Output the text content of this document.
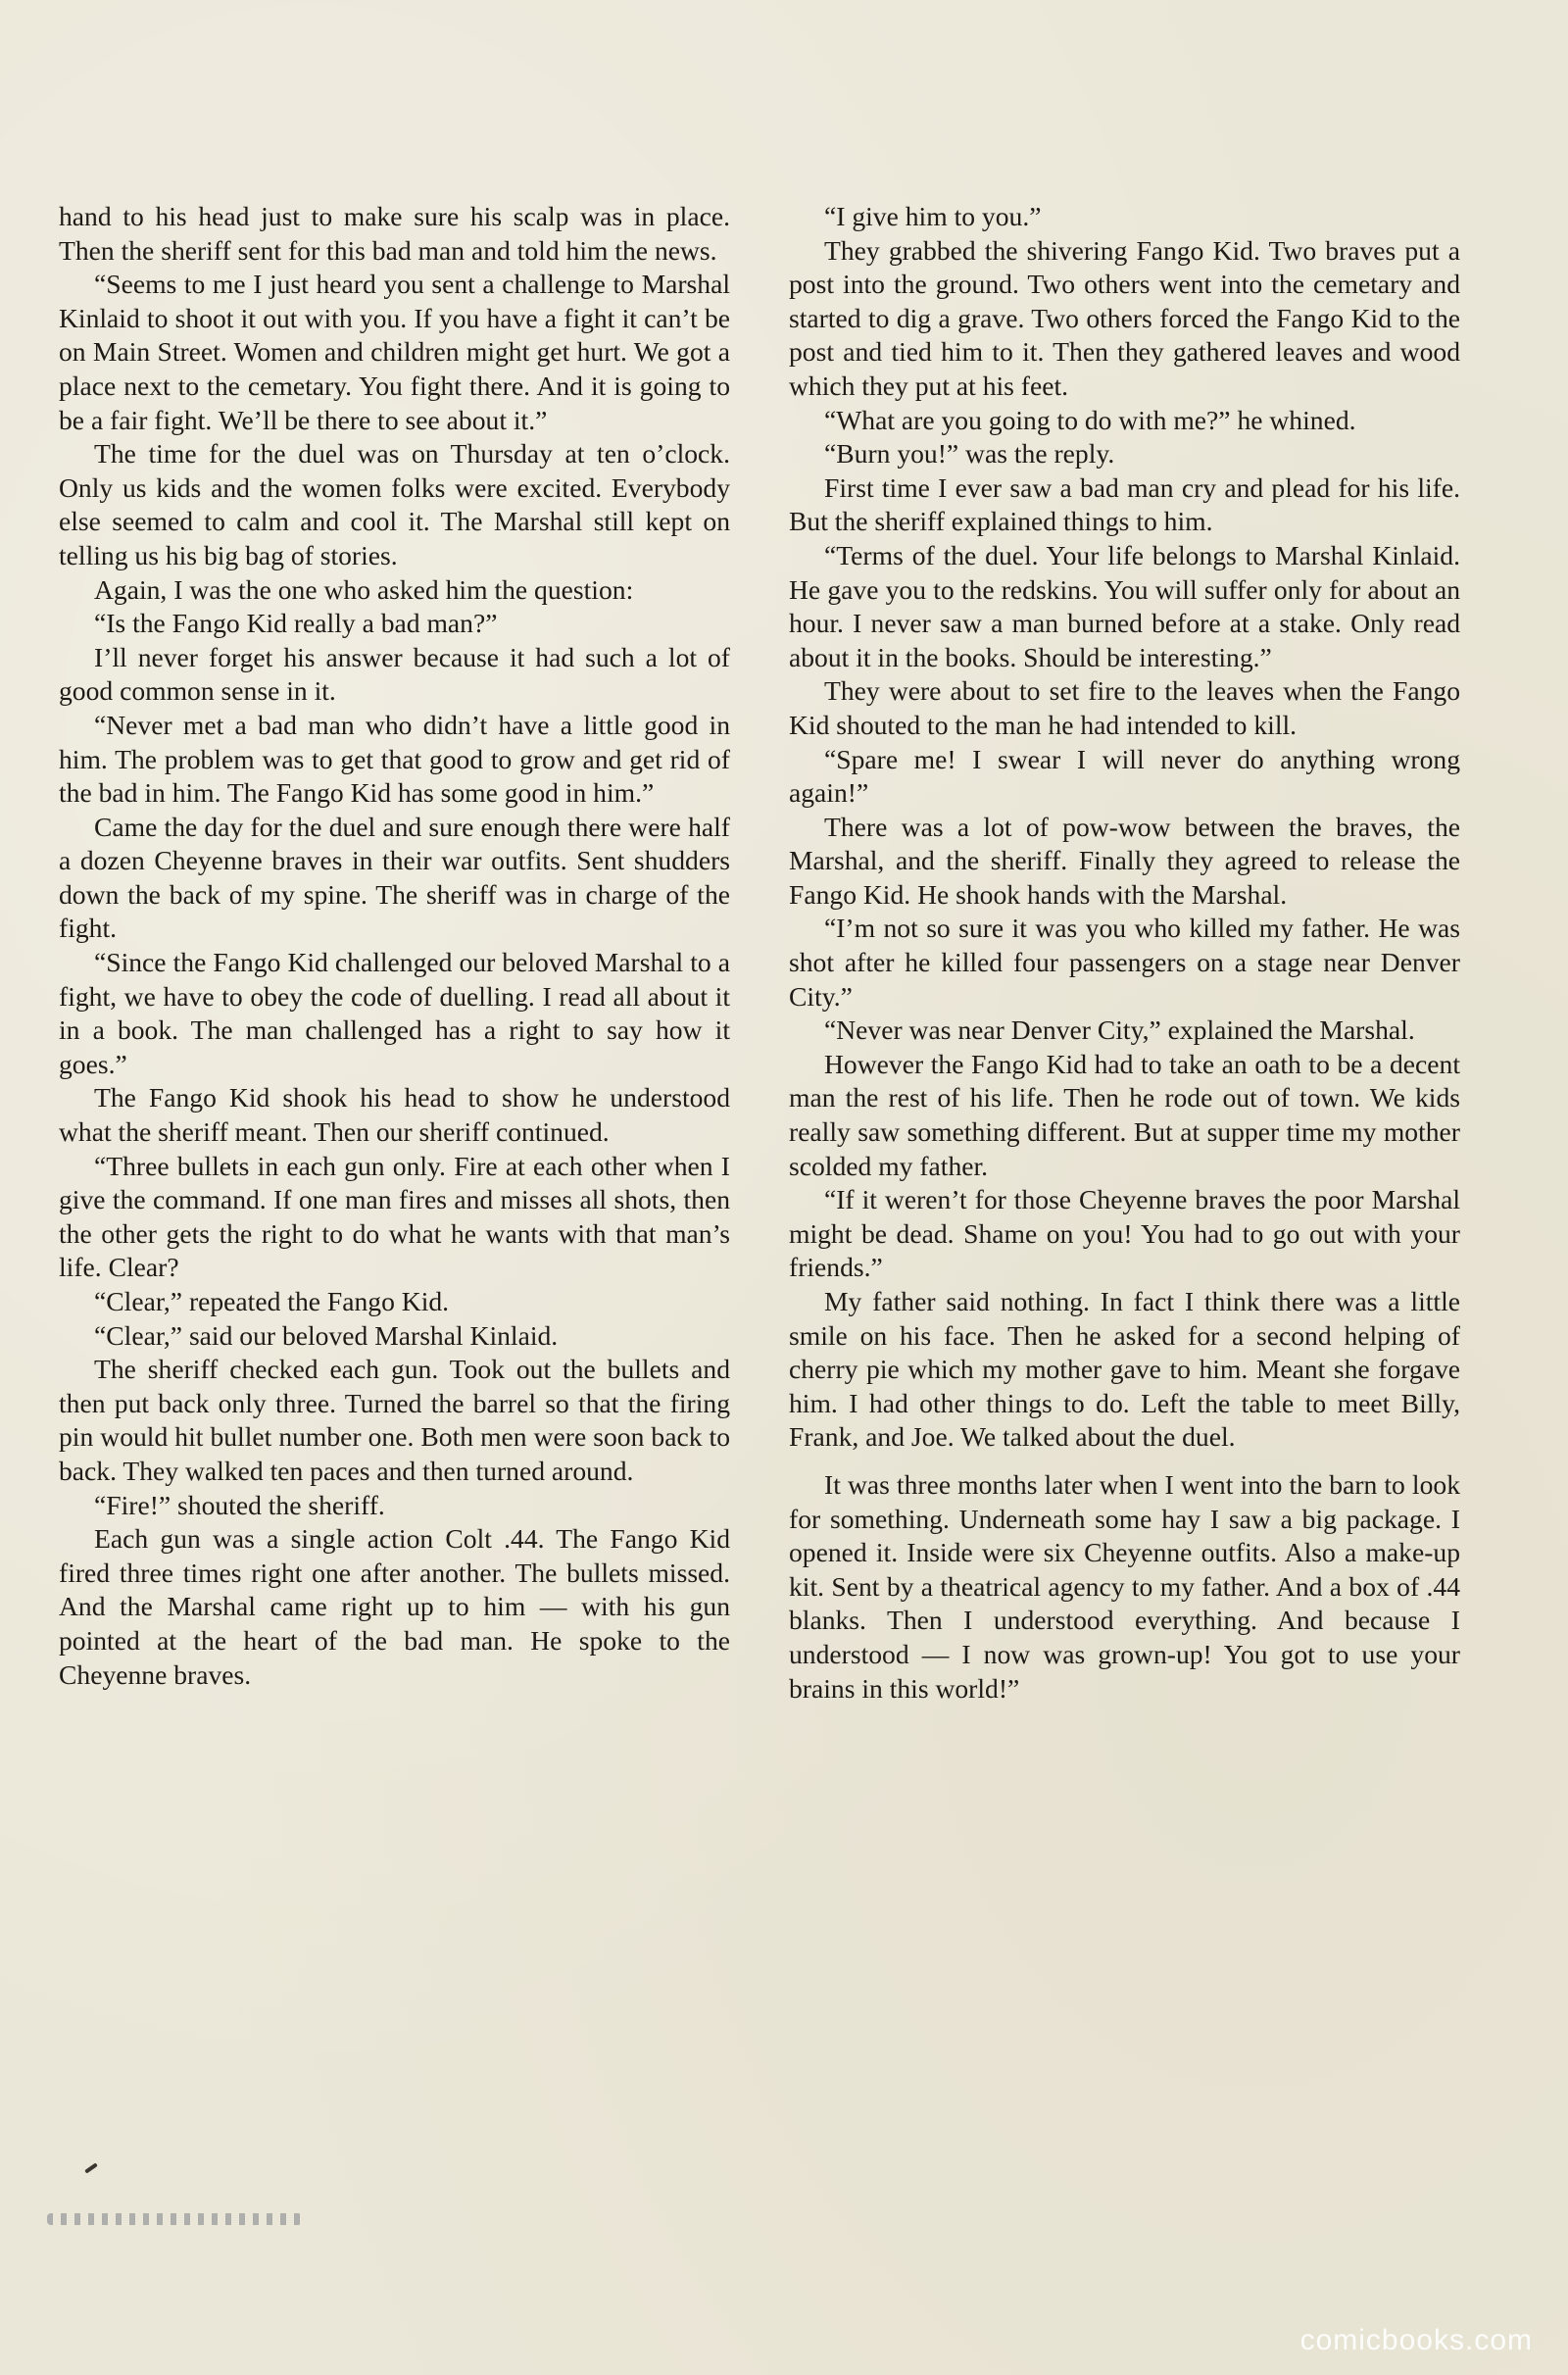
hand to his head just to make sure his scalp was in place. Then the sheriff sent for this bad man and told him the news.

“Seems to me I just heard you sent a challenge to Marshal Kinlaid to shoot it out with you. If you have a fight it can’t be on Main Street. Women and children might get hurt. We got a place next to the cemetary. You fight there. And it is going to be a fair fight. We’ll be there to see about it.”

The time for the duel was on Thursday at ten o’clock. Only us kids and the women folks were excited. Everybody else seemed to calm and cool it. The Marshal still kept on telling us his big bag of stories.

Again, I was the one who asked him the question:

“Is the Fango Kid really a bad man?”

I’ll never forget his answer because it had such a lot of good common sense in it.

“Never met a bad man who didn’t have a little good in him. The problem was to get that good to grow and get rid of the bad in him. The Fango Kid has some good in him.”

Came the day for the duel and sure enough there were half a dozen Cheyenne braves in their war outfits. Sent shudders down the back of my spine. The sheriff was in charge of the fight.

“Since the Fango Kid challenged our beloved Marshal to a fight, we have to obey the code of duelling. I read all about it in a book. The man challenged has a right to say how it goes.”

The Fango Kid shook his head to show he understood what the sheriff meant. Then our sheriff continued.

“Three bullets in each gun only. Fire at each other when I give the command. If one man fires and misses all shots, then the other gets the right to do what he wants with that man’s life. Clear?

“Clear,” repeated the Fango Kid.

“Clear,” said our beloved Marshal Kinlaid.

The sheriff checked each gun. Took out the bullets and then put back only three. Turned the barrel so that the firing pin would hit bullet number one. Both men were soon back to back. They walked ten paces and then turned around.

“Fire!” shouted the sheriff.

Each gun was a single action Colt .44. The Fango Kid fired three times right one after another. The bullets missed. And the Marshal came right up to him — with his gun pointed at the heart of the bad man. He spoke to the Cheyenne braves.

“I give him to you.”

They grabbed the shivering Fango Kid. Two braves put a post into the ground. Two others went into the cemetary and started to dig a grave. Two others forced the Fango Kid to the post and tied him to it. Then they gathered leaves and wood which they put at his feet.

“What are you going to do with me?” he whined.

“Burn you!” was the reply.

First time I ever saw a bad man cry and plead for his life. But the sheriff explained things to him.

“Terms of the duel. Your life belongs to Marshal Kinlaid. He gave you to the redskins. You will suffer only for about an hour. I never saw a man burned before at a stake. Only read about it in the books. Should be interesting.”

They were about to set fire to the leaves when the Fango Kid shouted to the man he had intended to kill.

“Spare me! I swear I will never do anything wrong again!”

There was a lot of pow-wow between the braves, the Marshal, and the sheriff. Finally they agreed to release the Fango Kid. He shook hands with the Marshal.

“I’m not so sure it was you who killed my father. He was shot after he killed four passengers on a stage near Denver City.”

“Never was near Denver City,” explained the Marshal.

However the Fango Kid had to take an oath to be a decent man the rest of his life. Then he rode out of town. We kids really saw something different. But at supper time my mother scolded my father.

“If it weren’t for those Cheyenne braves the poor Marshal might be dead. Shame on you! You had to go out with your friends.”

My father said nothing. In fact I think there was a little smile on his face. Then he asked for a second helping of cherry pie which my mother gave to him. Meant she forgave him. I had other things to do. Left the table to meet Billy, Frank, and Joe. We talked about the duel.

It was three months later when I went into the barn to look for something. Underneath some hay I saw a big package. I opened it. Inside were six Cheyenne outfits. Also a make-up kit. Sent by a theatrical agency to my father. And a box of .44 blanks. Then I understood everything. And because I understood — I now was grown-up! You got to use your brains in this world!”

comicbooks.com
